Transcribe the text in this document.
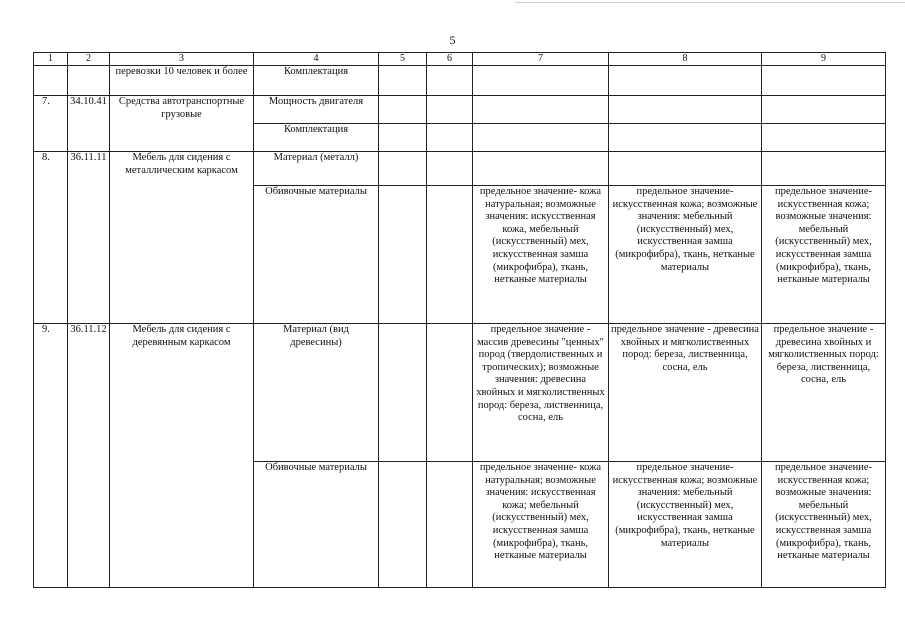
5
1	2	3	4	5	6	7	8	9
		перевозки 10 человек и более	Комплектация					
7.	34.10.41	Средства автотранспортные грузовые	Мощность двигателя					
			Комплектация					
8.	36.11.11	Мебель для сидения с металлическим каркасом	Материал (металл)					
			Обивочные материалы			предельное значение- кожа натуральная; возможные значения: искусственная кожа, мебельный (искусственный) мех, искусственная замша (микрофибра), ткань, нетканые материалы	предельное значение- искусственная кожа; возможные значения: мебельный (искусственный) мех, искусственная замша (микрофибра), ткань, нетканые материалы	предельное значение- искусственная кожа; возможные значения: мебельный (искусственный) мех, искусственная замша (микрофибра), ткань, нетканые материалы
9.	36.11.12	Мебель для сидения с деревянным каркасом	Материал (вид древесины)			предельное значение - массив древесины "ценных" пород (твердолиственных и тропических); возможные значения: древесина хвойных и мягколиственных пород: береза, лиственница, сосна, ель	предельное значение - древесина хвойных и мягколиственных пород: береза, лиственница, сосна, ель	предельное значение - древесина хвойных и мягколиственных пород: береза, лиственница, сосна, ель
			Обивочные материалы			предельное значение- кожа натуральная; возможные значения: искусственная кожа; мебельный (искусственный) мех, искусственная замша (микрофибра), ткань, нетканые материалы	предельное значение- искусственная кожа; возможные значения: мебельный (искусственный) мех, искусственная замша (микрофибра), ткань, нетканые материалы	предельное значение- искусственная кожа; возможные значения: мебельный (искусственный) мех, искусственная замша (микрофибра), ткань, нетканые материалы
